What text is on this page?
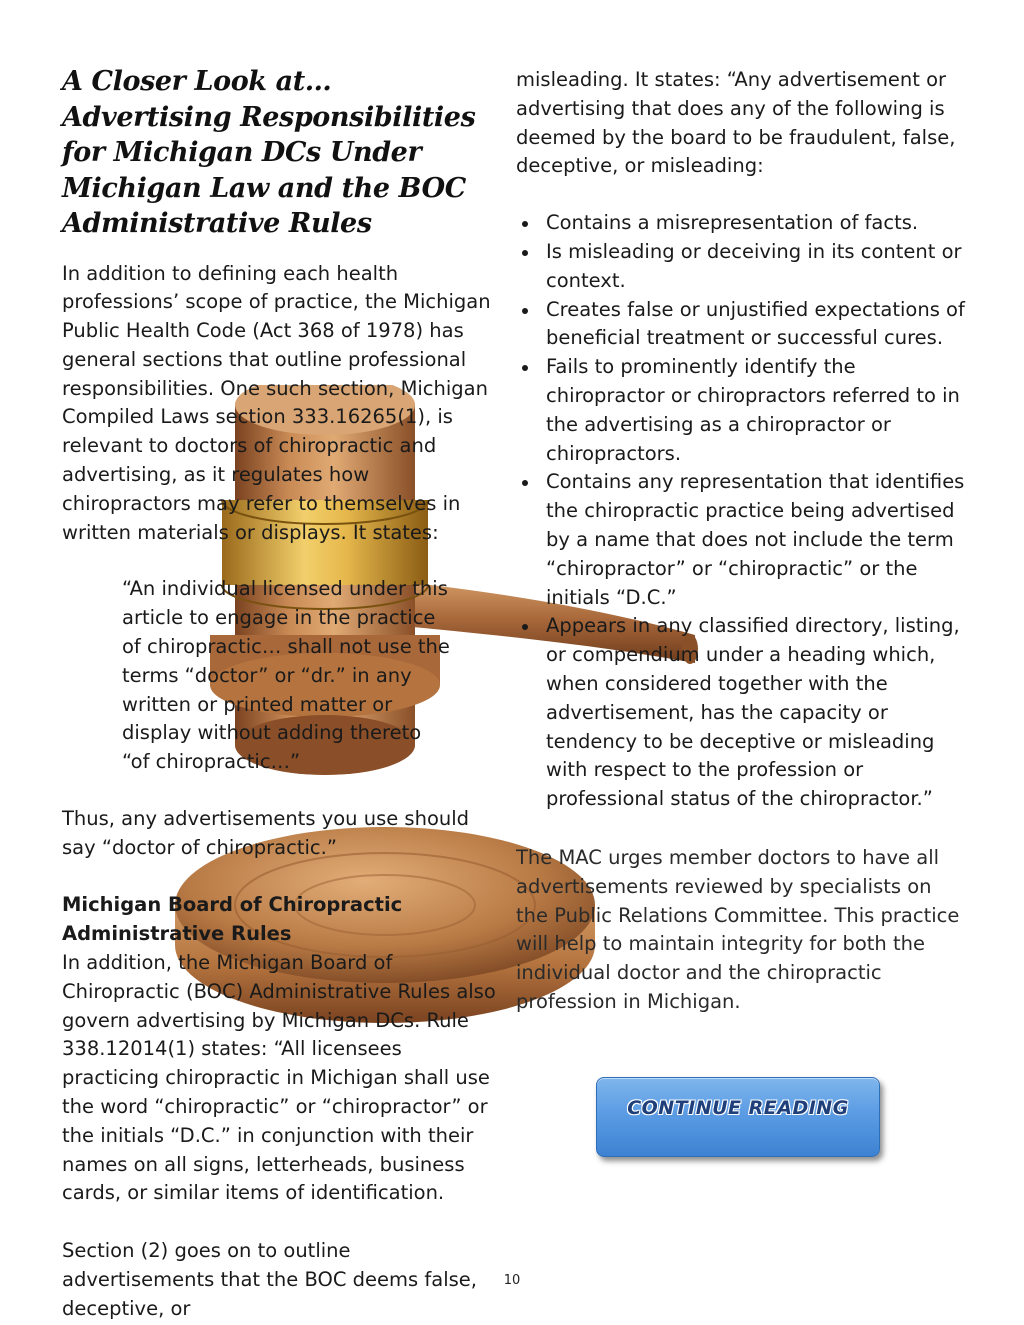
A Closer Look at… Advertising Responsibilities for Michigan DCs Under Michigan Law and the BOC Administrative Rules

In addition to defining each health professions’ scope of practice, the Michigan Public Health Code (Act 368 of 1978) has general sections that outline professional responsibilities. One such section, Michigan Compiled Laws section 333.16265(1), is relevant to doctors of chiropractic and advertising, as it regulates how chiropractors may refer to themselves in written materials or displays. It states:

“An individual licensed under this article to engage in the practice of chiropractic… shall not use the terms “doctor” or “dr.” in any written or printed matter or display without adding thereto “of chiropractic…”

Thus, any advertisements you use should say “doctor of chiropractic.”

Michigan Board of Chiropractic Administrative Rules

In addition, the Michigan Board of Chiropractic (BOC) Administrative Rules also govern advertising by Michigan DCs. Rule 338.12014(1) states: “All licensees practicing chiropractic in Michigan shall use the word “chiropractic” or “chiropractor” or the initials “D.C.” in conjunction with their names on all signs, letterheads, business cards, or similar items of identification.

Section (2) goes on to outline advertisements that the BOC deems false, deceptive, or

misleading. It states: “Any advertisement or advertising that does any of the following is deemed by the board to be fraudulent, false, deceptive, or misleading:

Contains a misrepresentation of facts.
Is misleading or deceiving in its content or context.
Creates false or unjustified expectations of beneficial treatment or successful cures.
Fails to prominently identify the chiropractor or chiropractors referred to in the advertising as a chiropractor or chiropractors.
Contains any representation that identifies the chiropractic practice being advertised by a name that does not include the term “chiropractor” or “chiropractic” or the initials “D.C.”
Appears in any classified directory, listing, or compendium under a heading which, when considered together with the advertisement, has the capacity or tendency to be deceptive or misleading with respect to the profession or professional status of the chiropractor.”

The MAC urges member doctors to have all advertisements reviewed by specialists on the Public Relations Committee. This practice will help to maintain integrity for both the individual doctor and the chiropractic profession in Michigan.

CONTINUE READING
10
